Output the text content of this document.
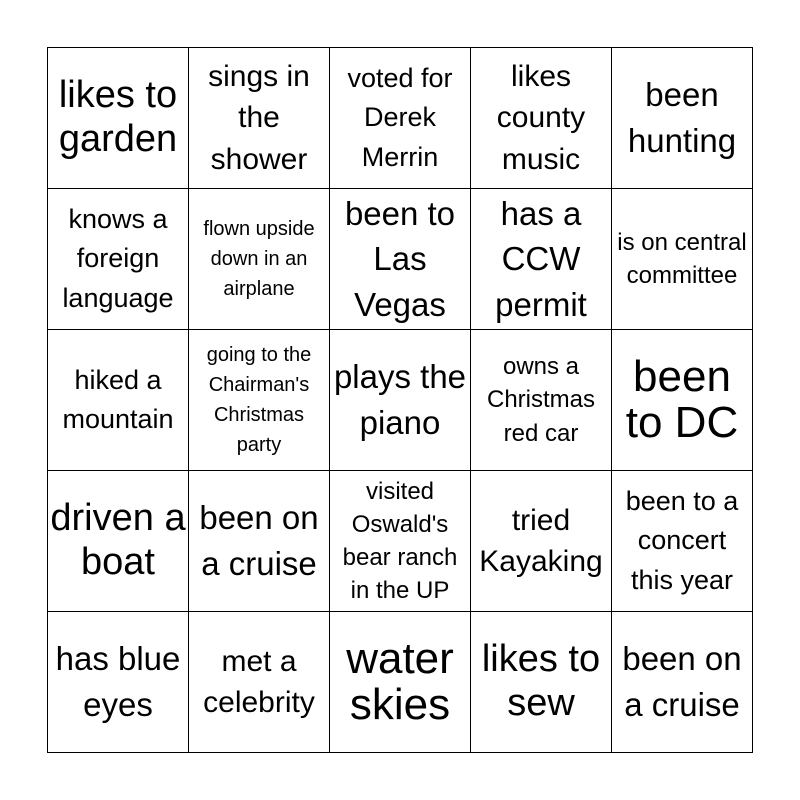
likes to garden
sings in the shower
voted for Derek Merrin
likes county music
been hunting
knows a foreign language
flown upside down in an airplane
been to Las Vegas
has a CCW permit
is on central committee
hiked a mountain
going to the Chairman's Christmas party
plays the piano
owns a Christmas red car
been to DC
driven a boat
been on a cruise
visited Oswald's bear ranch in the UP
tried Kayaking
been to a concert this year
has blue eyes
met a celebrity
water skies
likes to sew
been on a cruise
